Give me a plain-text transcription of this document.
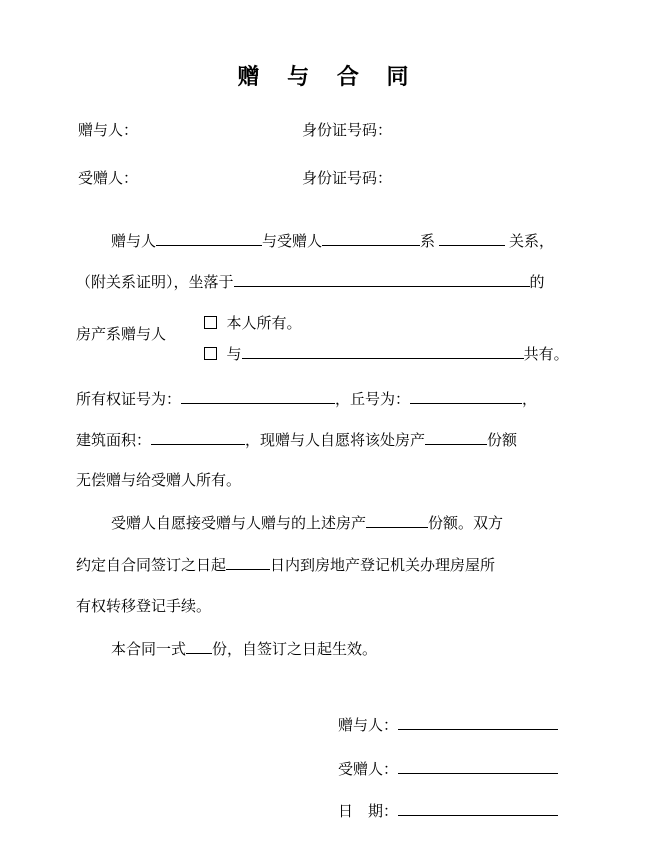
赠 与 合 同
赠与人：	身份证号码：
受赠人：	身份证号码：
赠与人	与受赠人	系	关系，
（附关系证明），坐落于	的
房产系赠与人
本人所有。
与	共有。
所有权证号为：	，丘号为：	，
建筑面积：	，现赠与人自愿将该处房产	份额
无偿赠与给受赠人所有。
受赠人自愿接受赠与人赠与的上述房产	份额。双方
约定自合同签订之日起	日内到房地产登记机关办理房屋所
有权转移登记手续。
本合同一式 份，自签订之日起生效。
赠与人：
受赠人：
日　期：
